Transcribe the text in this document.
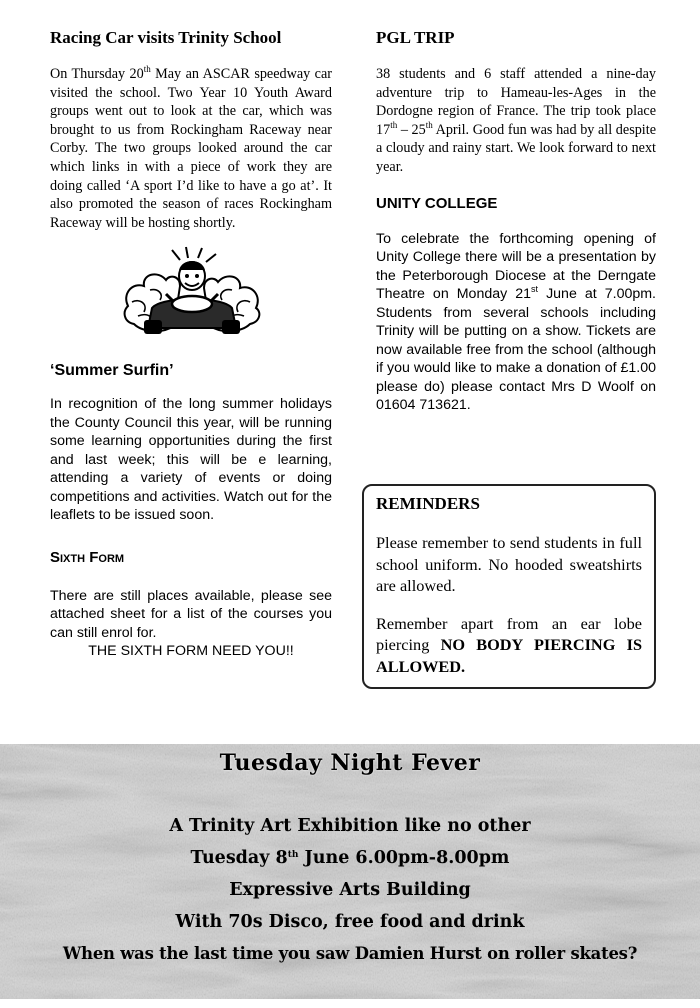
Racing Car visits Trinity School

On Thursday 20th May an ASCAR speedway car visited the school. Two Year 10 Youth Award groups went out to look at the car, which was brought to us from Rockingham Raceway near Corby. The two groups looked around the car which links in with a piece of work they are doing called ‘A sport I’d like to have a go at’. It also promoted the season of races Rockingham Raceway will be hosting shortly.

‘Summer Surfin’

In recognition of the long summer holidays the County Council this year, will be running some learning opportunities during the first and last week; this will be e learning, attending a variety of events or doing competitions and activities. Watch out for the leaflets to be issued soon.

Sixth Form

There are still places available, please see attached sheet for a list of the courses you can still enrol for.

THE SIXTH FORM NEED YOU!!
PGL TRIP

38 students and 6 staff attended a nine-day adventure trip to Hameau-les-Ages in the Dordogne region of France. The trip took place 17th – 25th April. Good fun was had by all despite a cloudy and rainy start. We look forward to next year.

UNITY COLLEGE

To celebrate the forthcoming opening of Unity College there will be a presentation by the Peterborough Diocese at the Derngate Theatre on Monday 21st June at 7.00pm. Students from several schools including Trinity will be putting on a show. Tickets are now available free from the school (although if you would like to make a donation of £1.00 please do) please contact Mrs D Woolf on 01604 713621.

REMINDERS

Please remember to send students in full school uniform. No hooded sweatshirts are allowed.

Remember apart from an ear lobe piercing NO BODY PIERCING IS ALLOWED.

Tuesday Night Fever
A Trinity Art Exhibition like no other
Tuesday 8th June 6.00pm-8.00pm
Expressive Arts Building
With 70s Disco, free food and drink
When was the last time you saw Damien Hurst on roller skates?
